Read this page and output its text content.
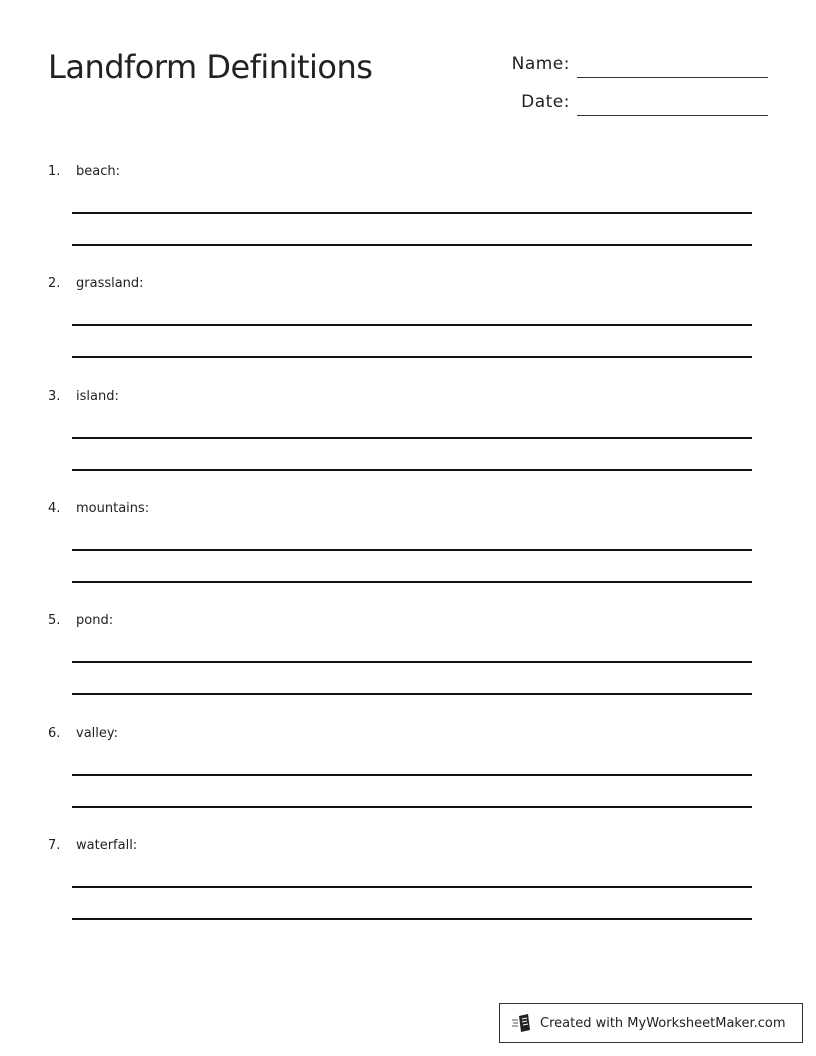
Landform Definitions	Name:
Date:
1. beach:
2. grassland:
3. island:
4. mountains:
5. pond:
6. valley:
7. waterfall:
Created with MyWorksheetMaker.com
